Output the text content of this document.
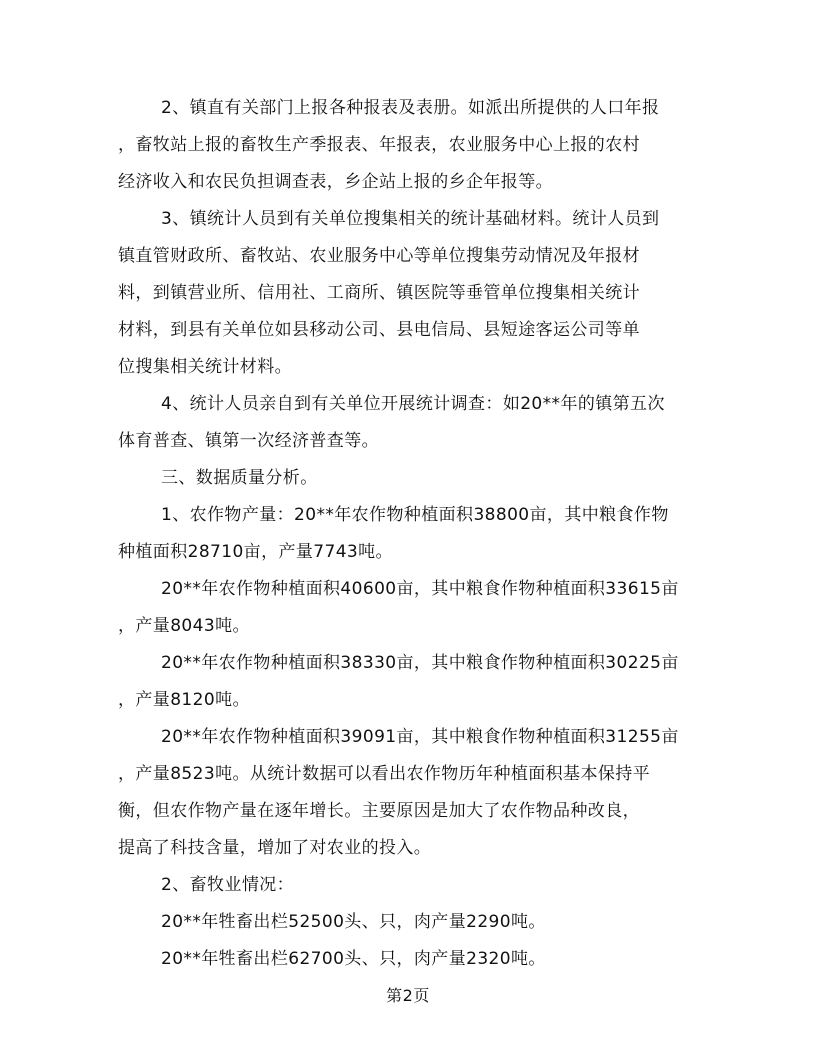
2、镇直有关部门上报各种报表及表册。如派出所提供的人口年报
，畜牧站上报的畜牧生产季报表、年报表，农业服务中心上报的农村
经济收入和农民负担调查表，乡企站上报的乡企年报等。
3、镇统计人员到有关单位搜集相关的统计基础材料。统计人员到
镇直管财政所、畜牧站、农业服务中心等单位搜集劳动情况及年报材
料，到镇营业所、信用社、工商所、镇医院等垂管单位搜集相关统计
材料，到县有关单位如县移动公司、县电信局、县短途客运公司等单
位搜集相关统计材料。
4、统计人员亲自到有关单位开展统计调查：如20**年的镇第五次
体育普查、镇第一次经济普查等。
三、数据质量分析。
1、农作物产量：20**年农作物种植面积38800亩，其中粮食作物
种植面积28710亩，产量7743吨。
20**年农作物种植面积40600亩，其中粮食作物种植面积33615亩
，产量8043吨。
20**年农作物种植面积38330亩，其中粮食作物种植面积30225亩
，产量8120吨。
20**年农作物种植面积39091亩，其中粮食作物种植面积31255亩
，产量8523吨。从统计数据可以看出农作物历年种植面积基本保持平
衡，但农作物产量在逐年增长。主要原因是加大了农作物品种改良，
提高了科技含量，增加了对农业的投入。
2、畜牧业情况：
20**年牲畜出栏52500头、只，肉产量2290吨。
20**年牲畜出栏62700头、只，肉产量2320吨。
第2页
